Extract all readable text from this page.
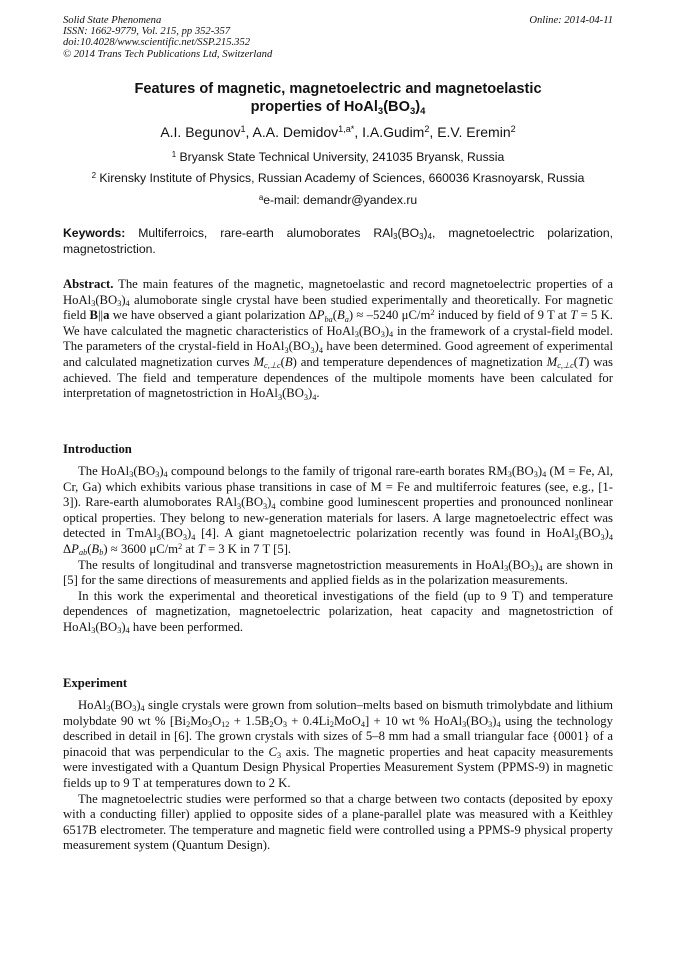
Solid State Phenomena
ISSN: 1662-9779, Vol. 215, pp 352-357
doi:10.4028/www.scientific.net/SSP.215.352
© 2014 Trans Tech Publications Ltd, Switzerland
Online: 2014-04-11
Features of magnetic, magnetoelectric and magnetoelastic
properties of $HoAl_3(BO_3)_4$
A.I. Begunov$^1$, A.A. Demidov$^{1,a*}$, I.A.Gudim$^2$, E.V. Eremin$^2$
$^1$ Bryansk State Technical University, 241035 Bryansk, Russia
$^2$ Kirensky Institute of Physics, Russian Academy of Sciences, 660036 Krasnoyarsk, Russia
$^a$e-mail: demandr@yandex.ru
Keywords: Multiferroics, rare-earth alumoborates $RAl_3(BO_3)_4$, magnetoelectric polarization, magnetostriction.

Abstract. The main features of the magnetic, magnetoelastic and record magnetoelectric properties of a $HoAl_3(BO_3)_4$ alumoborate single crystal have been studied experimentally and theoretically. For magnetic field B||a we have observed a giant polarization $\Delta P_{ba}(B_a) \approx -5240$ $\mu C/m^2$ induced by field of 9 T at T = 5 K. We have calculated the magnetic characteristics of $HoAl_3(BO_3)_4$ in the framework of a crystal-field model. The parameters of the crystal-field in $HoAl_3(BO_3)_4$ have been determined. Good agreement of experimental and calculated magnetization curves $M_{c,\perp c}(B)$ and temperature dependences of magnetization $M_{c,\perp c}(T)$ was achieved. The field and temperature dependences of the multipole moments have been calculated for interpretation of magnetostriction in $HoAl_3(BO_3)_4$.

Introduction

The $HoAl_3(BO_3)_4$ compound belongs to the family of trigonal rare-earth borates $RM_3(BO_3)_4$ (M = Fe, Al, Cr, Ga) which exhibits various phase transitions in case of M = Fe and multiferroic features (see, e.g., [1-3]). Rare-earth alumoborates $RAl_3(BO_3)_4$ combine good luminescent properties and pronounced nonlinear optical properties. They belong to new-generation materials for lasers. A large magnetoelectric effect was detected in $TmAl_3(BO_3)_4$ [4]. A giant magnetoelectric polarization recently was found in $HoAl_3(BO_3)_4$ $\Delta P_{ab}(B_b) \approx 3600$ $\mu C/m^2$ at T = 3 K in 7 T [5].

The results of longitudinal and transverse magnetostriction measurements in $HoAl_3(BO_3)_4$ are shown in [5] for the same directions of measurements and applied fields as in the polarization measurements.

In this work the experimental and theoretical investigations of the field (up to 9 T) and temperature dependences of magnetization, magnetoelectric polarization, heat capacity and magnetostriction of $HoAl_3(BO_3)_4$ have been performed.

Experiment

$HoAl_3(BO_3)_4$ single crystals were grown from solution–melts based on bismuth trimolybdate and lithium molybdate 90 wt % $[Bi_2Mo_3O_{12} + 1.5B_2O_3 + 0.4Li_2MoO_4] + 10$ wt % $HoAl_3(BO_3)_4$ using the technology described in detail in [6]. The grown crystals with sizes of 5–8 mm had a small triangular face {0001} of a pinacoid that was perpendicular to the $C_3$ axis. The magnetic properties and heat capacity measurements were investigated with a Quantum Design Physical Properties Measurement System (PPMS-9) in magnetic fields up to 9 T at temperatures down to 2 K.

The magnetoelectric studies were performed so that a charge between two contacts (deposited by epoxy with a conducting filler) applied to opposite sides of a plane-parallel plate was measured with a Keithley 6517B electrometer. The temperature and magnetic field were controlled using a PPMS-9 physical property measurement system (Quantum Design).
